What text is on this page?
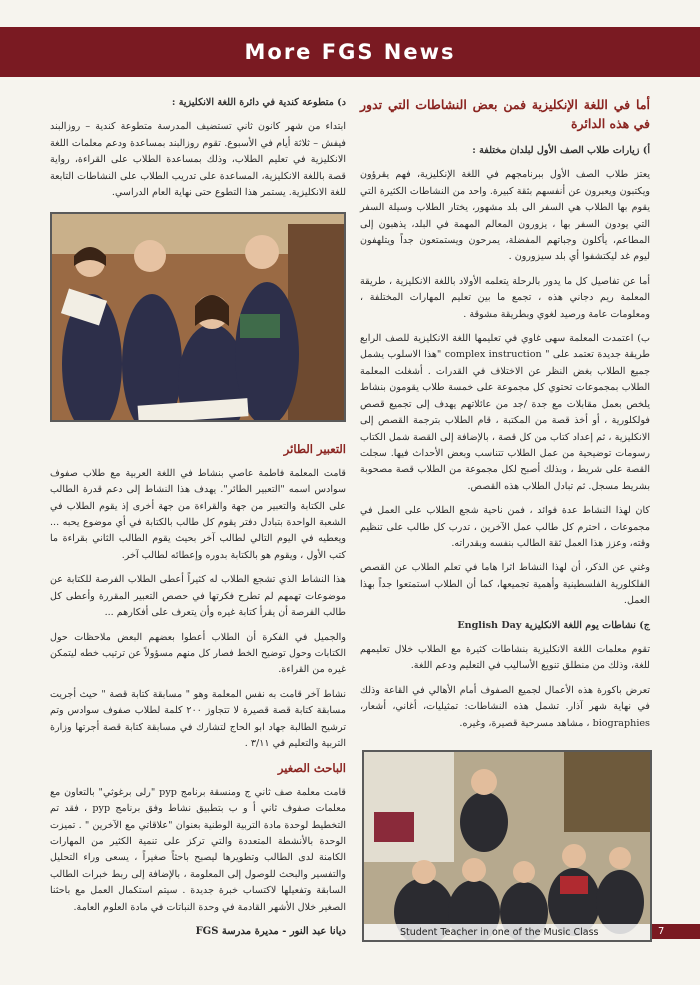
More FGS News
أما في اللغة الإنكليزية فمن بعض النشاطات التي تدور في هذه الدائرة
أ) زيارات طلاب الصف الأول لبلدان مختلفة :

يعتز طلاب الصف الأول ببرنامجهم في اللغة الإنكليزية، فهم يقرؤون ويكتبون ويعبرون عن أنفسهم بثقة كبيرة. واحد من النشاطات الكثيرة التي يقوم بها الطلاب هي السفر الى بلد مشهور، يختار الطلاب وسيلة السفر التي يودون السفر بها ، يزورون المعالم المهمة في البلد، يذهبون إلى المطاعم، يأكلون وجباتهم المفضلة، يمرحون ويستمتعون جداً ويتلهفون ليوم غد ليكتشفوا أي بلد سيزورون .

أما عن تفاصيل كل ما يدور بالرحلة يتعلمه الأولاد باللغة الانكليزية ، طريقة المعلمة ريم دجاني هذه ، تجمع ما بين تعليم المهارات المختلفة ، ومعلومات عامة ورصيد لغوي وبطريقة مشوقة .

ب) اعتمدت المعلمة سهى غاوي في تعليمها اللغة الانكليزية للصف الرابع طريقة جديدة تعتمد على " complex instruction "هذا الاسلوب يشمل جميع الطلاب بغض النظر عن الاختلاف في القدرات . أشغلت المعلمة الطلاب بمجموعات تحتوي كل مجموعة على خمسة طلاب يقومون بنشاط يلخص بعمل مقابلات مع جدة /جد من عائلاتهم يهدف إلى تجميع قصص فولكلورية ، أو أخذ قصة من المكتبة ، قام الطلاب بترجمة القصص إلى الانكليزية ، ثم إعداد كتاب من كل قصة ، بالإضافة إلى القصة شمل الكتاب رسومات توضيحية من عمل الطلاب تتناسب وبعض الأحداث فيها. سجلت القصة على شريط ، وبذلك أصبح لكل مجموعة من الطلاب قصة مصحوبة بشريط مسجل. ثم تبادل الطلاب هذه القصص.

كان لهذا النشاط عدة فوائد ، فمن ناحية شجع الطلاب على العمل في مجموعات ، احترم كل طالب عمل الآخرين ، تدرب كل طالب على تنظيم وقته، وعزز هذا العمل ثقة الطالب بنفسه وبقدراته.

وغني عن الذكر، أن لهذا النشاط اثرا هاما في تعلم الطلاب عن القصص الفلكلورية الفلسطينية وأهمية تجميعها، كما أن الطلاب استمتعوا جداً بهذا العمل.

ج) نشاطات يوم اللغة الانكليزية English Day

تقوم معلمات اللغة الانكليزية بنشاطات كثيرة مع الطلاب خلال تعليمهم للغة، وذلك من منطلق تنويع الأساليب في التعليم ودعم اللغة.

تعرض باكورة هذه الأعمال لجميع الصفوف أمام الأهالي في القاعة وذلك في نهاية شهر آذار. تشمل هذه النشاطات: تمثيليات، أغاني، أشعار، biographies ، مشاهد مسرحية قصيرة، وغيره.

د) متطوعة كندية في دائرة اللغة الانكليزية :

ابتداء من شهر كانون ثاني تستضيف المدرسة متطوعة كندية – روزالبند فيفش – ثلاثة أيام في الأسبوع. تقوم روزالبند بمساعدة ودعم معلمات اللغة الانكليزية في تعليم الطلاب، وذلك بمساعدة الطلاب على القراءة، رواية قصة باللغة الانكليزية، المساعدة على تدريب الطلاب على النشاطات التابعة للغة الانكليزية. يستمر هذا التطوع حتى نهاية العام الدراسي.

التعبير الطائر

قامت المعلمة فاطمة عاصي بنشاط في اللغة العربية مع طلاب صفوف سوادس اسمه "التعبير الطائر". يهدف هذا النشاط إلى دعم قدرة الطالب على الكتابة والتعبير من جهة والقراءة من جهة أخرى إذ يقوم الطلاب في الشعبة الواحدة بتبادل دفتر يقوم كل طالب بالكتابة في أي موضوع يحبه ... ويعطيه في اليوم التالي لطالب آخر بحيث يقوم الطالب الثاني بقراءة ما كتب الأول ، ويقوم هو بالكتابة بدوره وإعطائه لطالب آخر.

هذا النشاط الذي تشجع الطلاب له كثيراً أعطى الطلاب الفرصة للكتابة عن موضوعات تهمهم لم تطرح فكرتها في حصص التعبير المقررة وأعطى كل طالب الفرصة أن يقرأ كتابة غيره وأن يتعرف على أفكارهم ...

والجميل في الفكرة أن الطلاب أعطوا بعضهم البعض ملاحظات حول الكتابات وحول توضيح الخط فصار كل منهم مسؤولاً عن ترتيب خطه ليتمكن غيره من القراءة.

نشاط آخر قامت به نفس المعلمة وهو " مسابقة كتابة قصة " حيث أجريت مسابقة كتابة قصة قصيرة لا تتجاوز ٢٠٠ كلمة لطلاب صفوف سوادس وتم ترشيح الطالبة جهاد ابو الحاج لتشارك في مسابقة كتابة قصة أجرتها وزارة التربية والتعليم في ٣/١١ .

الباحث الصغير

قامت معلمة صف ثاني ج ومنسقة برنامج pyp "رلى برغوثي" بالتعاون مع معلمات صفوف ثاني أ و ب بتطبيق نشاط وفق برنامج pyp ، فقد تم التخطيط لوحدة مادة التربية الوطنية بعنوان "علاقاتي مع الآخرين " . تميزت الوحدة بالأنشطة المتعددة والتي تركز على تنمية الكثير من المهارات الكامنة لدى الطالب وتطويرها ليصبح باحثاً صغيراً ، يسعى وراء التحليل والتفسير والبحث للوصول إلى المعلومة ، بالإضافة إلى ربط خبرات الطالب السابقة وتفعيلها لاكتساب خبرة جديدة . سيتم استكمال العمل مع باحثنا الصغير خلال الأشهر القادمة في وحدة النباتات في مادة العلوم العامة.

ديانا عبد النور - مديرة مدرسة FGS	Student Teacher in one of the Music Class	7
